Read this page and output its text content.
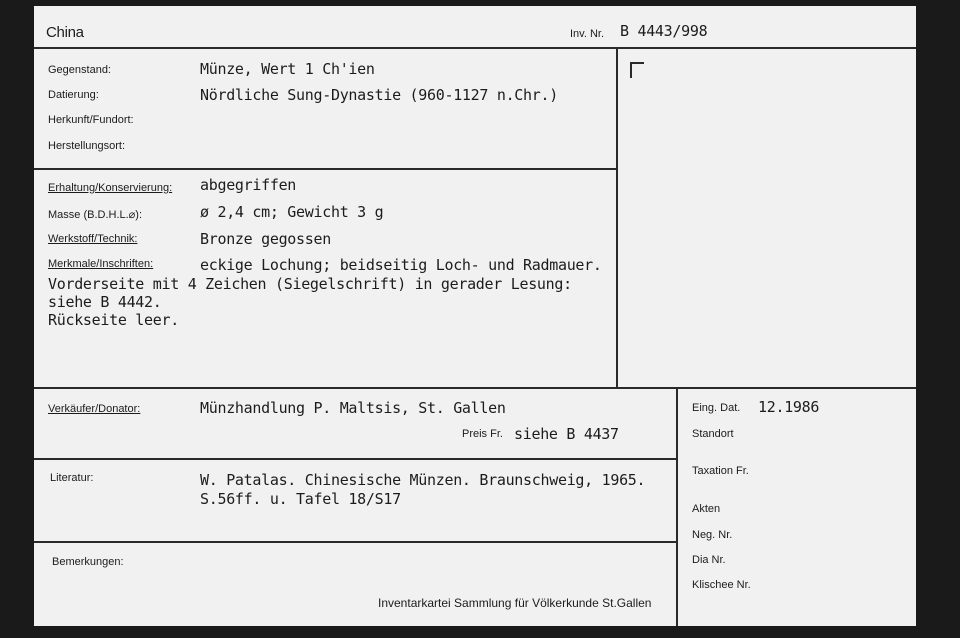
China	Inv. Nr. B 4443/998
Gegenstand:	Münze, Wert 1 Ch'ien
Datierung:	Nördliche Sung-Dynastie (960-1127 n.Chr.)
Herkunft/Fundort:
Herstellungsort:
Erhaltung/Konservierung: abgegriffen
Masse (B.D.H.L.⌀):	ø 2,4 cm; Gewicht 3 g
Werkstoff/Technik:	Bronze gegossen
Merkmale/Inschriften:	eckige Lochung; beidseitig Loch- und Radmauer.
Vorderseite mit 4 Zeichen (Siegelschrift) in gerader Lesung:
siehe B 4442.
Rückseite leer.
Verkäufer/Donator:	Münzhandlung P. Maltsis, St. Gallen
Preis Fr. siehe B 4437
Literatur:	W. Patalas. Chinesische Münzen. Braunschweig, 1965.
S.56ff. u. Tafel 18/S17
Bemerkungen:
Eing. Dat. 12.1986
Standort
Taxation Fr.
Akten
Neg. Nr.
Dia Nr.
Klischee Nr.
Inventarkartei Sammlung für Völkerkunde St.Gallen
